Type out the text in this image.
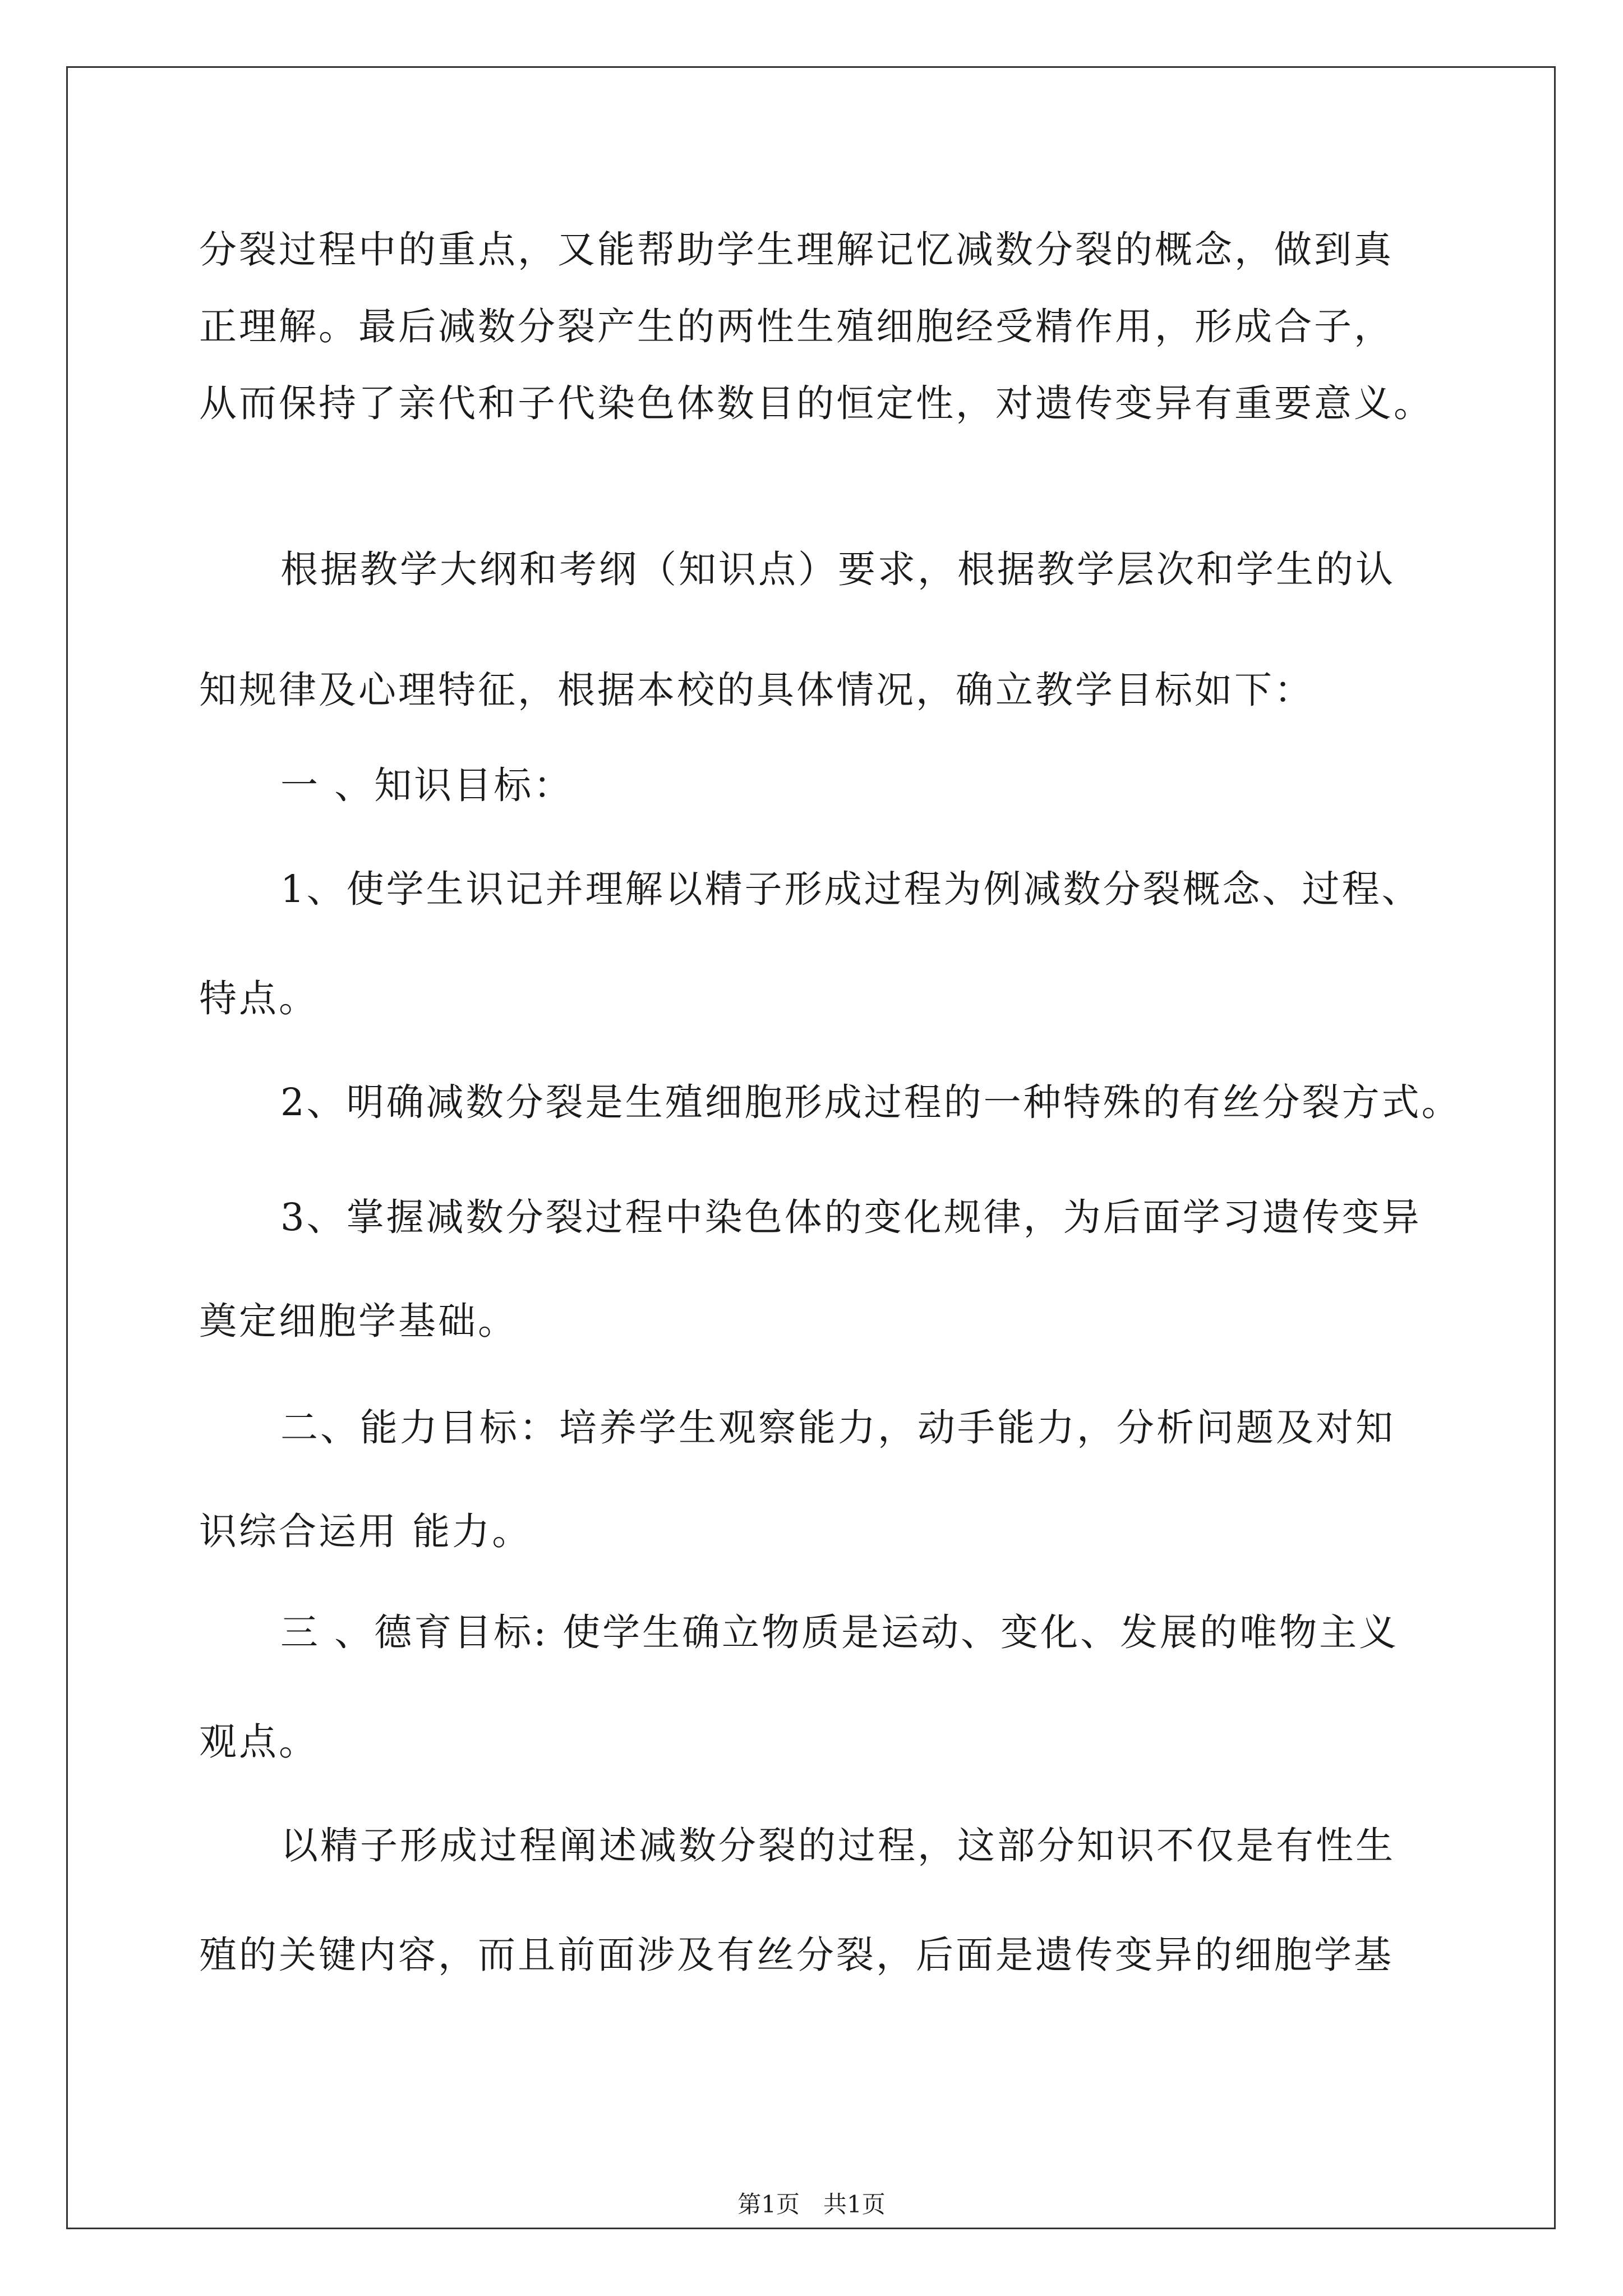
分裂过程中的重点，又能帮助学生理解记忆减数分裂的概念，做到真
正理解。最后减数分裂产生的两性生殖细胞经受精作用，形成合子，
从而保持了亲代和子代染色体数目的恒定性，对遗传变异有重要意义。
根据教学大纲和考纲（知识点）要求，根据教学层次和学生的认
知规律及心理特征，根据本校的具体情况，确立教学目标如下：
一 、知识目标：
1、使学生识记并理解以精子形成过程为例减数分裂概念、过程、
特点。
2、明确减数分裂是生殖细胞形成过程的一种特殊的有丝分裂方式。
3、掌握减数分裂过程中染色体的变化规律，为后面学习遗传变异
奠定细胞学基础。
二、能力目标：培养学生观察能力，动手能力，分析问题及对知
识综合运用 能力。
三 、德育目标: 使学生确立物质是运动、变化、发展的唯物主义
观点。
以精子形成过程阐述减数分裂的过程，这部分知识不仅是有性生
殖的关键内容，而且前面涉及有丝分裂，后面是遗传变异的细胞学基
第1页　共1页
